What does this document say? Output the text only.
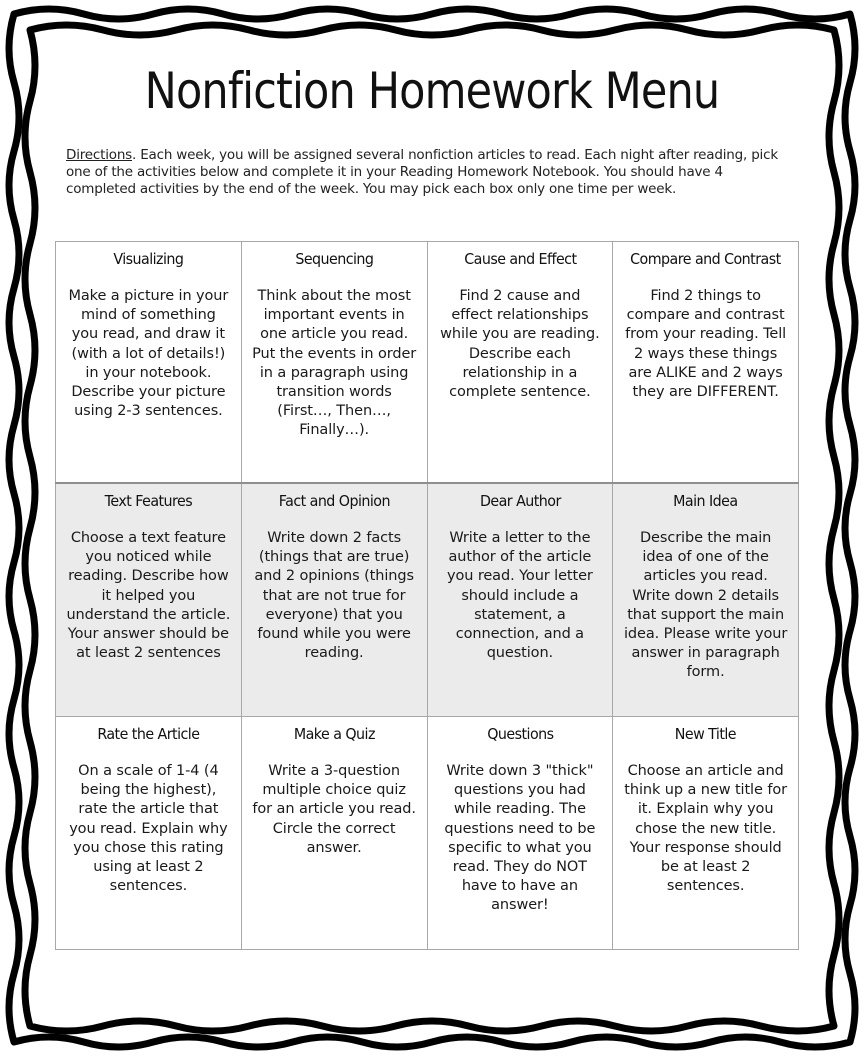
Nonfiction Homework Menu
Directions. Each week, you will be assigned several nonfiction articles to read. Each night after reading, pick one of the activities below and complete it in your Reading Homework Notebook. You should have 4 completed activities by the end of the week. You may pick each box only one time per week.
Visualizing
Make a picture in your mind of something you read, and draw it (with a lot of details!) in your notebook. Describe your picture using 2-3 sentences.	Sequencing
Think about the most important events in one article you read. Put the events in order in a paragraph using transition words (First…, Then…, Finally…).	Cause and Effect
Find 2 cause and effect relationships while you are reading. Describe each relationship in a complete sentence.	Compare and Contrast
Find 2 things to compare and contrast from your reading. Tell 2 ways these things are ALIKE and 2 ways they are DIFFERENT.

Text Features
Choose a text feature you noticed while reading. Describe how it helped you understand the article. Your answer should be at least 2 sentences	Fact and Opinion
Write down 2 facts (things that are true) and 2 opinions (things that are not true for everyone) that you found while you were reading.	Dear Author
Write a letter to the author of the article you read. Your letter should include a statement, a connection, and a question.	Main Idea
Describe the main idea of one of the articles you read. Write down 2 details that support the main idea. Please write your answer in paragraph form.

Rate the Article
On a scale of 1-4 (4 being the highest), rate the article that you read. Explain why you chose this rating using at least 2 sentences.	Make a Quiz
Write a 3-question multiple choice quiz for an article you read. Circle the correct answer.	Questions
Write down 3 "thick" questions you had while reading. The questions need to be specific to what you read. They do NOT have to have an answer!	New Title
Choose an article and think up a new title for it. Explain why you chose the new title. Your response should be at least 2 sentences.
